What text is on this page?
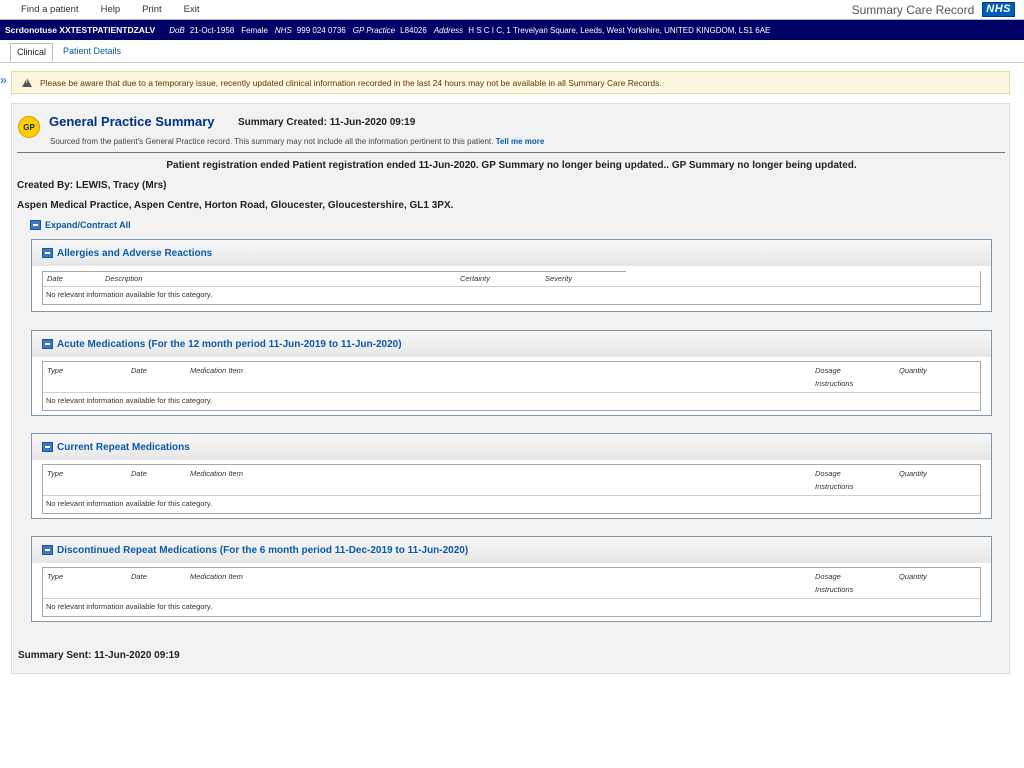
Find a patient Help Print Exit	Summary Care Record	NHS
Scrdonotuse XXTESTPATIENTDZALV DoB 21-Oct-1958 Female NHS 999 024 0736 GP Practice L84026 Address H S C I C, 1 Trevelyan Square, Leeds, West Yorkshire, UNITED KINGDOM, LS1 6AE
Clinical	Patient Details
»
!	Please be aware that due to a temporary issue, recently updated clinical information recorded in the last 24 hours may not be available in all Summary Care Records.
GP	General Practice Summary Summary Created: 11-Jun-2020 09:19
Sourced from the patient's General Practice record. This summary may not include all the information pertinent to this patient. Tell me more
Patient registration ended Patient registration ended 11-Jun-2020. GP Summary no longer being updated.. GP Summary no longer being updated.
Created By: LEWIS, Tracy (Mrs)
Aspen Medical Practice, Aspen Centre, Horton Road, Gloucester, Gloucestershire, GL1 3PX.
Expand/Contract All
Allergies and Adverse Reactions
Date	Description	Certainty	Severity
No relevant information available for this category.
Acute Medications (For the 12 month period 11-Jun-2019 to 11-Jun-2020)
Type	Date	Medication Item	Dosage Instructions
Quantity
No relevant information available for this category.
Current Repeat Medications
Type	Date	Medication Item	Dosage Instructions
Quantity
No relevant information available for this category.
Discontinued Repeat Medications (For the 6 month period 11-Dec-2019 to 11-Jun-2020)
Type	Date	Medication Item	Dosage Instructions
Quantity
No relevant information available for this category.
Summary Sent: 11-Jun-2020 09:19
